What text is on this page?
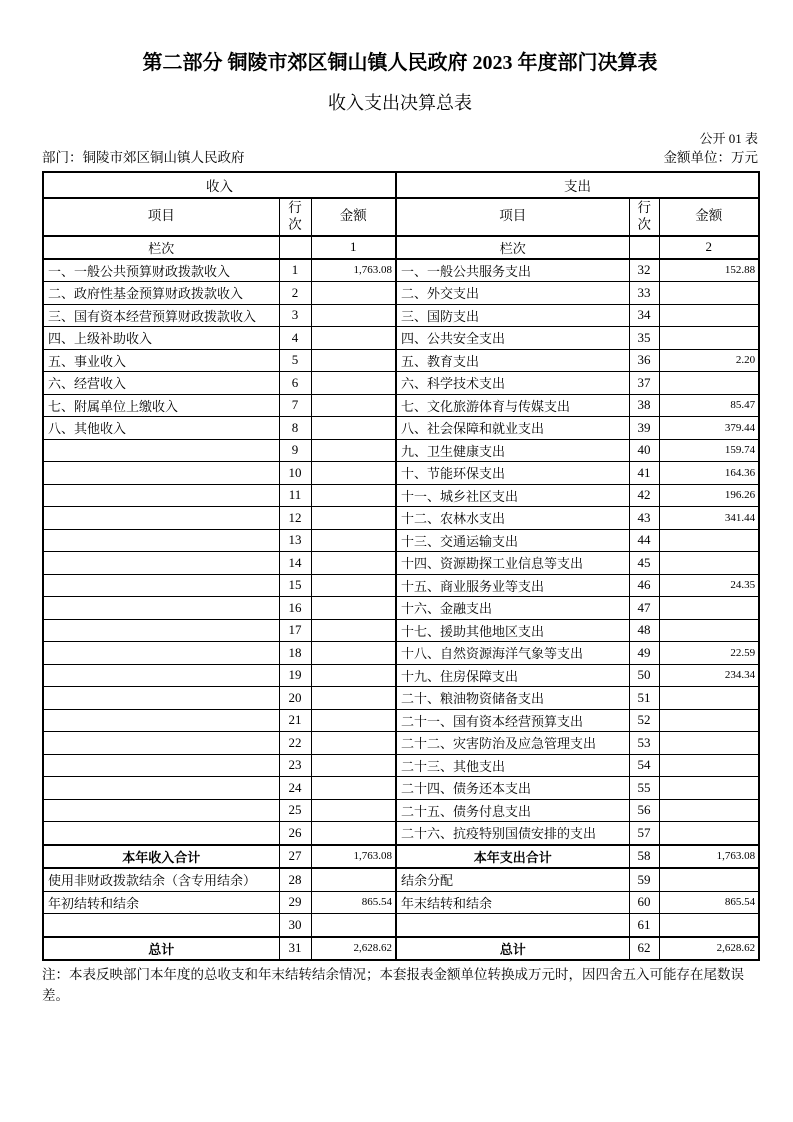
第二部分 铜陵市郊区铜山镇人民政府 2023 年度部门决算表
收入支出决算总表
公开 01 表
部门：铜陵市郊区铜山镇人民政府	金额单位：万元
收入			支出		
项目	行次	金额	项目	行次	金额
栏次		1	栏次		2
一、一般公共预算财政拨款收入	1	1,763.08	一、一般公共服务支出	32	152.88
二、政府性基金预算财政拨款收入	2		二、外交支出	33	
三、国有资本经营预算财政拨款收入	3		三、国防支出	34	
四、上级补助收入	4		四、公共安全支出	35	
五、事业收入	5		五、教育支出	36	2.20
六、经营收入	6		六、科学技术支出	37	
七、附属单位上缴收入	7		七、文化旅游体育与传媒支出	38	85.47
八、其他收入	8		八、社会保障和就业支出	39	379.44
	9		九、卫生健康支出	40	159.74
	10		十、节能环保支出	41	164.36
	11		十一、城乡社区支出	42	196.26
	12		十二、农林水支出	43	341.44
	13		十三、交通运输支出	44	
	14		十四、资源勘探工业信息等支出	45	
	15		十五、商业服务业等支出	46	24.35
	16		十六、金融支出	47	
	17		十七、援助其他地区支出	48	
	18		十八、自然资源海洋气象等支出	49	22.59
	19		十九、住房保障支出	50	234.34
	20		二十、粮油物资储备支出	51	
	21		二十一、国有资本经营预算支出	52	
	22		二十二、灾害防治及应急管理支出	53	
	23		二十三、其他支出	54	
	24		二十四、债务还本支出	55	
	25		二十五、债务付息支出	56	
	26		二十六、抗疫特别国债安排的支出	57	
本年收入合计	27	1,763.08	本年支出合计	58	1,763.08
使用非财政拨款结余（含专用结余）	28		结余分配	59	
年初结转和结余	29	865.54	年末结转和结余	60	865.54
	30			61	
总计	31	2,628.62	总计	62	2,628.62
注：本表反映部门本年度的总收支和年末结转结余情况；本套报表金额单位转换成万元时，因四舍五入可能存在尾数误差。
